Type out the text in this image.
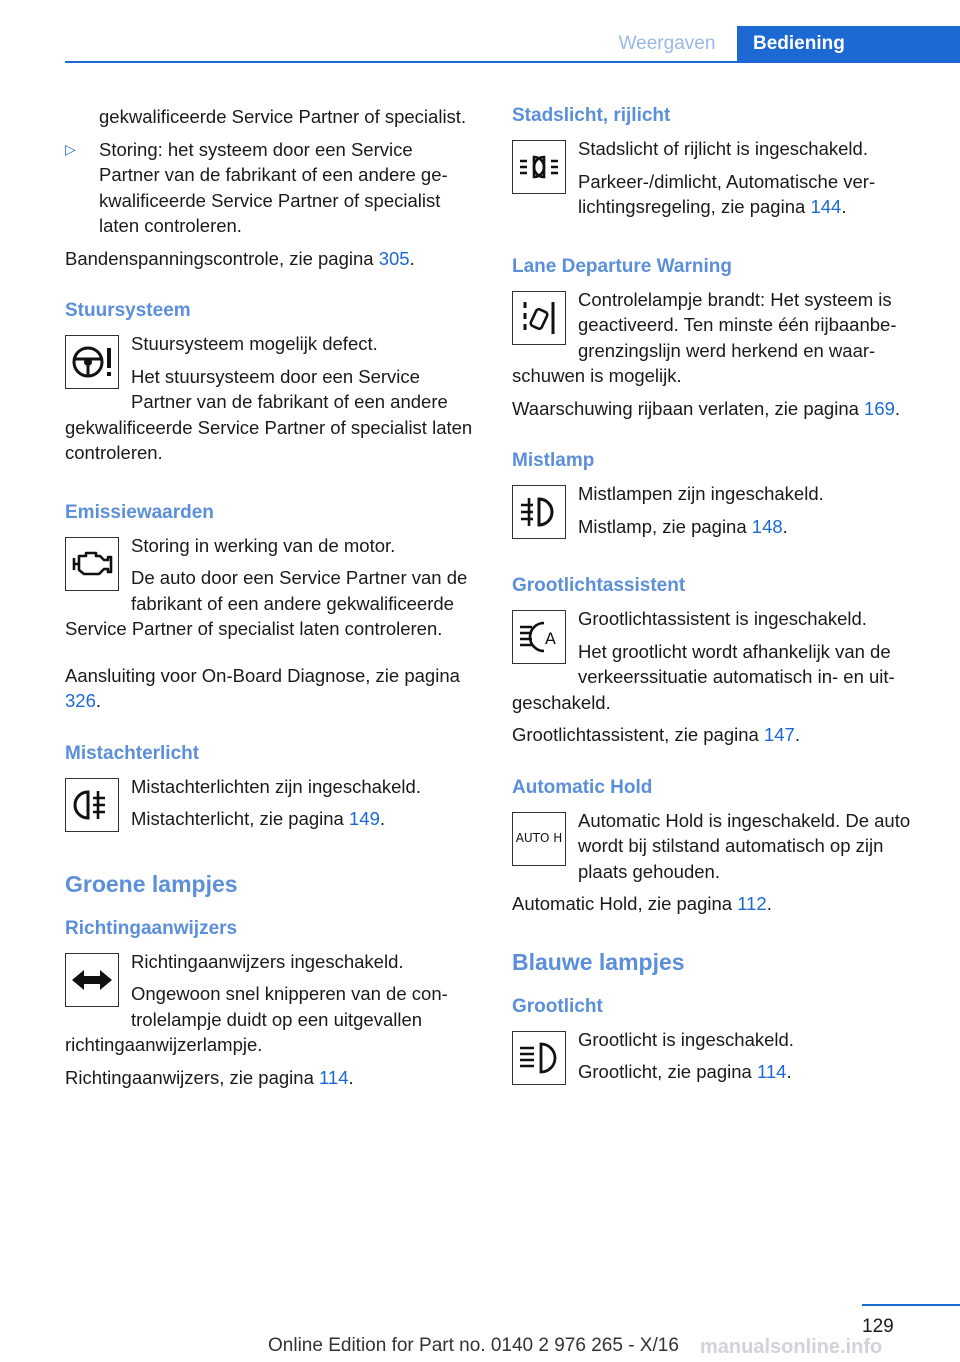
Weergaven	Bediening

gekwalificeerde Service Partner of specialist.

▷ Storing: het systeem door een Service Partner van de fabrikant of een andere gekwalificeerde Service Partner of specialist laten controleren.

Bandenspanningscontrole, zie pagina 305.

Stuursysteem

Stuursysteem mogelijk defect.

Het stuursysteem door een Service Partner van de fabrikant of een andere gekwalificeerde Service Partner of specialist laten controleren.

Emissiewaarden

Storing in werking van de motor.

De auto door een Service Partner van de fabrikant of een andere gekwalificeerde Service Partner of specialist laten controleren.

Aansluiting voor On-Board Diagnose, zie pagina 326.

Mistachterlicht

Mistachterlichten zijn ingeschakeld.

Mistachterlicht, zie pagina 149.

Groene lampjes
Richtingaanwijzers

Richtingaanwijzers ingeschakeld.

Ongewoon snel knipperen van de controlelampje duidt op een uitgevallen richtingaanwijzerlampje.

Richtingaanwijzers, zie pagina 114.

Stadslicht, rijlicht

Stadslicht of rijlicht is ingeschakeld.

Parkeer-/dimlicht, Automatische verlichtingsregeling, zie pagina 144.

Lane Departure Warning

Controlelampje brandt: Het systeem is geactiveerd. Ten minste één rijbaanbegrenzingslijn werd herkend en waarschuwen is mogelijk.

Waarschuwing rijbaan verlaten, zie pagina 169.

Mistlamp

Mistlampen zijn ingeschakeld.

Mistlamp, zie pagina 148.

Grootlichtassistent
A

Grootlichtassistent is ingeschakeld.

Het grootlicht wordt afhankelijk van de verkeerssituatie automatisch in- en uitgeschakeld.

Grootlichtassistent, zie pagina 147.

Automatic Hold
AUTO H

Automatic Hold is ingeschakeld. De auto wordt bij stilstand automatisch op zijn plaats gehouden.

Automatic Hold, zie pagina 112.

Blauwe lampjes
Grootlicht

Grootlicht is ingeschakeld.

Grootlicht, zie pagina 114.

129
Online Edition for Part no. 0140 2 976 265 - X/16 manualsonline.info
